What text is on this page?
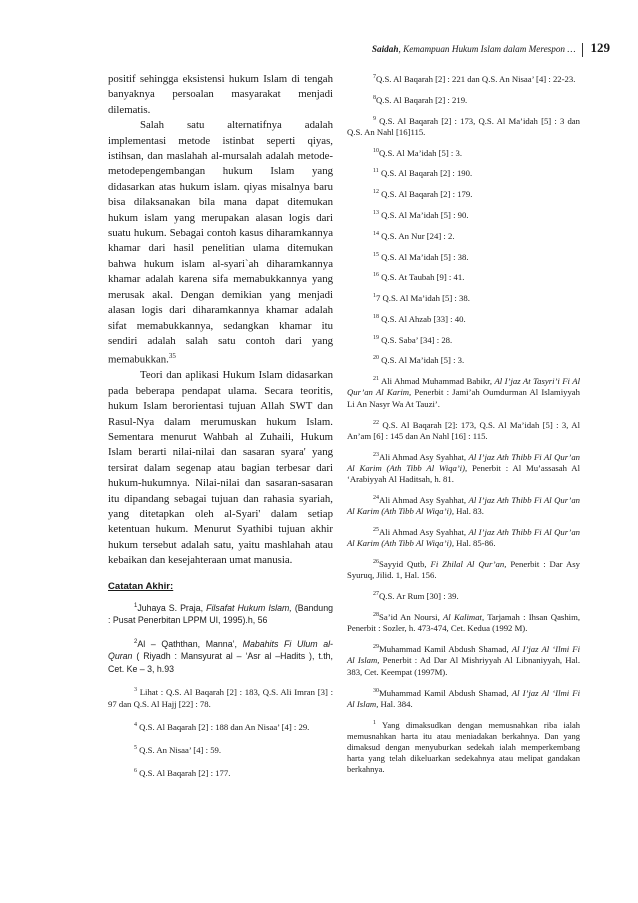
Saidah, Kemampuan Hukum Islam dalam Merespon … 129

positif sehingga eksistensi hukum Islam di tengah banyaknya persoalan masyarakat menjadi dilematis.

Salah satu alternatifnya adalah implementasi metode istinbat seperti qiyas, istihsan, dan maslahah al-mursalah adalah metode-metodepengembangan hukum Islam yang didasarkan atas hukum islam. qiyas misalnya baru bisa dilaksanakan bila mana dapat ditemukan hukum islam yang merupakan alasan logis dari suatu hukum. Sebagai contoh kasus diharamkannya khamar dari hasil penelitian ulama ditemukan bahwa hukum islam al-syari`ah diharamkannya khamar adalah karena sifa memabukkannya yang merusak akal. Dengan demikian yang menjadi alasan logis dari diharamkannya khamar adalah sifat memabukkannya, sedangkan khamar itu sendiri adalah salah satu contoh dari yang memabukkan.$^{35}$

Teori dan aplikasi Hukum Islam didasarkan pada beberapa pendapat ulama. Secara teoritis, hukum Islam berorientasi tujuan Allah SWT dan Rasul-Nya dalam merumuskan hukum Islam. Sementara menurut Wahbah al Zuhaili, Hukum Islam berarti nilai-nilai dan sasaran syara' yang tersirat dalam segenap atau bagian terbesar dari hukum-hukumnya. Nilai-nilai dan sasaran-sasaran itu dipandang sebagai tujuan dan rahasia syariah, yang ditetapkan oleh al-Syari' dalam setiap ketentuan hukum. Menurut Syathibi tujuan akhir hukum tersebut adalah satu, yaitu mashlahah atau kebaikan dan kesejahteraan umat manusia.

Catatan Akhir:

$^1$Juhaya S. Praja, Filsafat Hukum Islam, (Bandung : Pusat Penerbitan LPPM UI, 1995).h, 56

$^2$Al – Qaththan, Manna’, Mabahits Fi Ulum al-Quran ( Riyadh : Mansyurat al – ‘Asr al –Hadits ), t.th, Cet. Ke – 3, h.93

$^3$ Lihat : Q.S. Al Baqarah [2] : 183, Q.S. Ali Imran [3] : 97 dan Q.S. Al Hajj [22] : 78.

$^4$ Q.S. Al Baqarah [2] : 188 dan An Nisaa’ [4] : 29.

$^5$ Q.S. An Nisaa’ [4] : 59.

$^6$ Q.S. Al Baqarah [2] : 177.

$^7$Q.S. Al Baqarah [2] : 221 dan Q.S. An Nisaa’ [4] : 22-23.

$^8$Q.S. Al Baqarah [2] : 219.

$^9$ Q.S. Al Baqarah [2] : 173, Q.S. Al Ma’idah [5] : 3 dan Q.S. An Nahl [16]115.

$^{10}$Q.S. Al Ma’idah [5] : 3.

$^{11}$ Q.S. Al Baqarah [2] : 190.

$^{12}$ Q.S. Al Baqarah [2] : 179.

$^{13}$ Q.S. Al Ma’idah [5] : 90.

$^{14}$ Q.S. An Nur [24] : 2.

$^{15}$ Q.S. Al Ma’idah [5] : 38.

$^{16}$ Q.S. At Taubah [9] : 41.

$^1$7 Q.S. Al Ma’idah [5] : 38.

$^{18}$ Q.S. Al Ahzab [33] : 40.

$^{19}$ Q.S. Saba’ [34] : 28.

$^{20}$ Q.S. Al Ma’idah [5] : 3.

$^{21}$ Ali Ahmad Muhammad Babikr, Al I’jaz At Tasyri’i Fi Al Qur’an Al Karim, Penerbit : Jami’ah Oumdurman Al Islamiyyah Li An Nasyr Wa At Tauzi’.

$^{22}$ Q.S. Al Baqarah [2]: 173, Q.S. Al Ma’idah [5] : 3, Al An’am [6] : 145 dan An Nahl [16] : 115.

$^{23}$Ali Ahmad Asy Syahhat, Al I’jaz Ath Thibb Fi Al Qur’an Al Karim (Ath Tibb Al Wiqa’i), Penerbit : Al Mu’assasah Al ‘Arabiyyah Al Haditsah, h. 81.

$^{24}$Ali Ahmad Asy Syahhat, Al I’jaz Ath Thibb Fi Al Qur’an Al Karim (Ath Tibb Al Wiqa’i), Hal. 83.

$^{25}$Ali Ahmad Asy Syahhat, Al I’jaz Ath Thibb Fi Al Qur’an Al Karim (Ath Tibb Al Wiqa’i), Hal. 85-86.

$^{26}$Sayyid Qutb, Fi Zhilal Al Qur’an, Penerbit : Dar Asy Syuruq, Jilid. 1, Hal. 156.

$^{27}$Q.S. Ar Rum [30] : 39.

$^{28}$Sa’id An Noursi, Al Kalimat, Tarjamah : Ihsan Qashim, Penerbit : Sozler, h. 473-474, Cet. Kedua (1992 M).

$^{29}$Muhammad Kamil Abdush Shamad, Al I’jaz Al ‘Ilmi Fi Al Islam, Penerbit : Ad Dar Al Mishriyyah Al Libnaniyyah, Hal. 383, Cet. Keempat (1997M).

$^{30}$Muhammad Kamil Abdush Shamad, Al I’jaz Al ‘Ilmi Fi Al Islam, Hal. 384.

$^1$ Yang dimaksudkan dengan memusnahkan riba ialah memusnahkan harta itu atau meniadakan berkahnya. Dan yang dimaksud dengan menyuburkan sedekah ialah memperkembang harta yang telah dikeluarkan sedekahnya atau melipat gandakan berkahnya.
